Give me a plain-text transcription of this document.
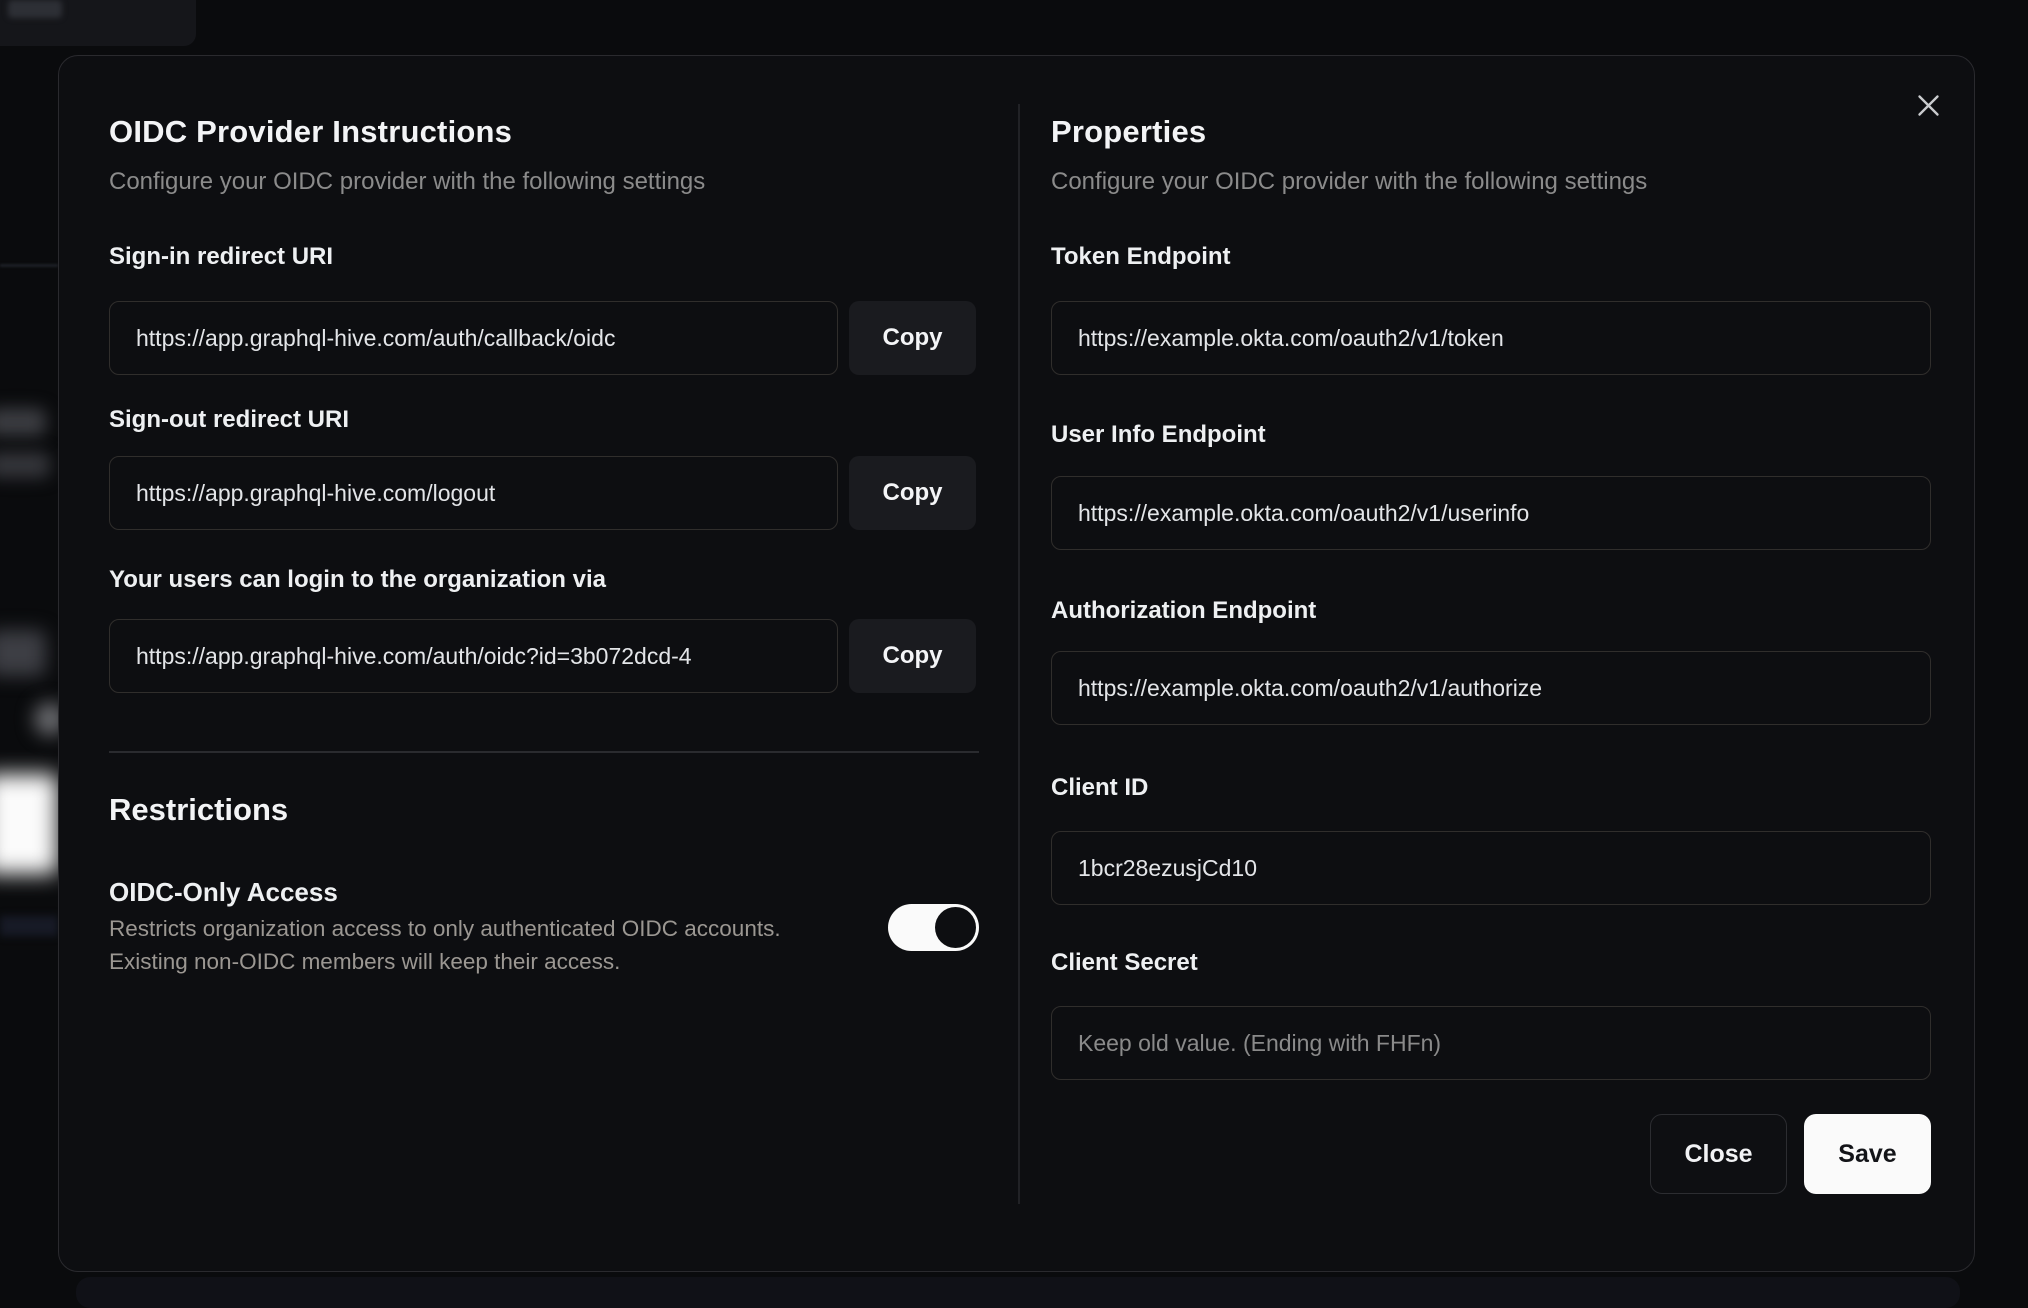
OIDC Provider Instructions
Configure your OIDC provider with the following settings
Sign-in redirect URI
https://app.graphql-hive.com/auth/callback/oidc
Copy
Sign-out redirect URI
https://app.graphql-hive.com/logout
Copy
Your users can login to the organization via
https://app.graphql-hive.com/auth/oidc?id=3b072dcd-4
Copy
Restrictions
OIDC-Only Access
Restricts organization access to only authenticated OIDC accounts.
Existing non-OIDC members will keep their access.
Properties
Configure your OIDC provider with the following settings
Token Endpoint
https://example.okta.com/oauth2/v1/token
User Info Endpoint
https://example.okta.com/oauth2/v1/userinfo
Authorization Endpoint
https://example.okta.com/oauth2/v1/authorize
Client ID
1bcr28ezusjCd10
Client Secret
Keep old value. (Ending with FHFn)
Close	Save
